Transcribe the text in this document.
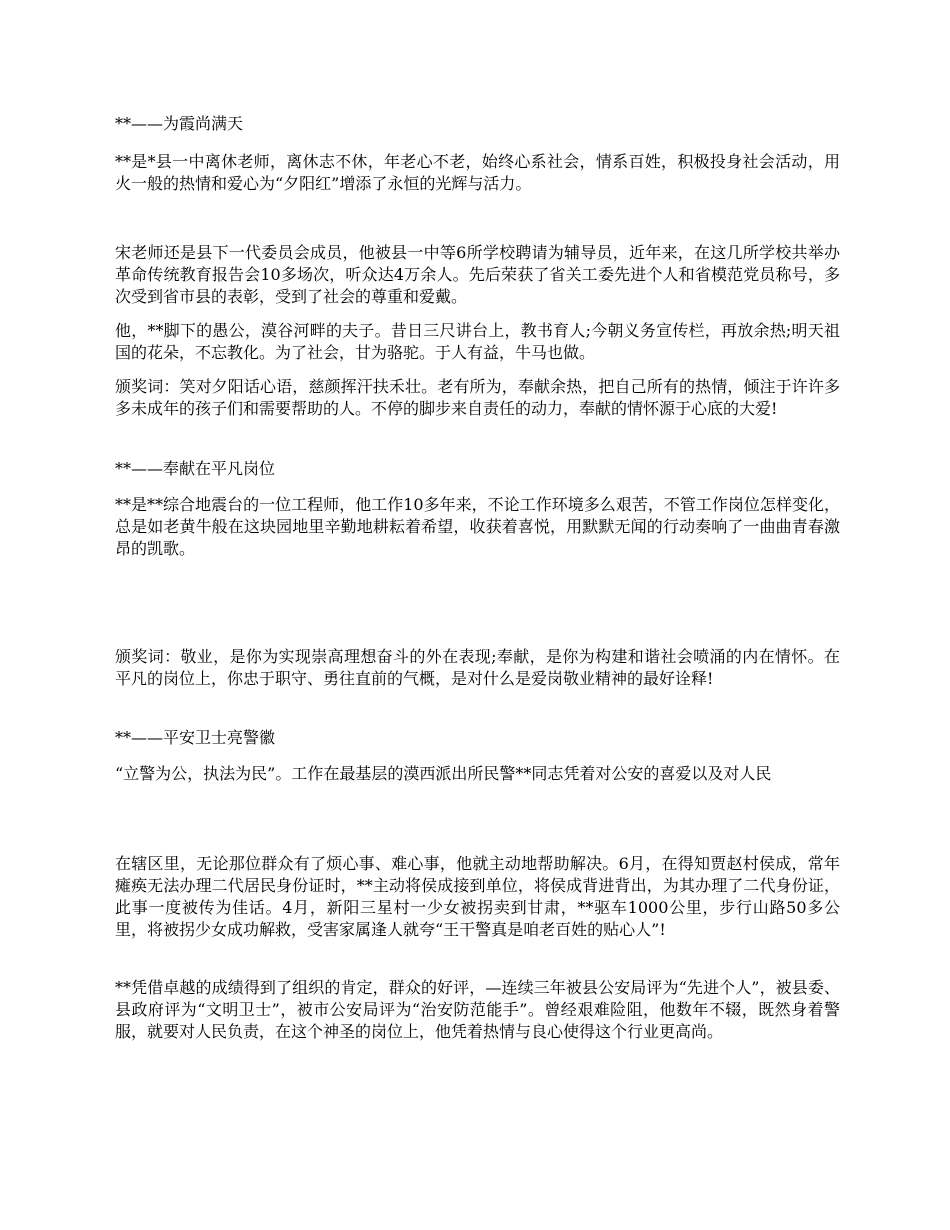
**——为霞尚满天

**是*县一中离休老师，离休志不休，年老心不老，始终心系社会，情系百姓，积极投身社会活动，用火一般的热情和爱心为“夕阳红”增添了永恒的光辉与活力。

宋老师还是县下一代委员会成员，他被县一中等6所学校聘请为辅导员，近年来，在这几所学校共举办革命传统教育报告会10多场次，听众达4万余人。先后荣获了省关工委先进个人和省模范党员称号，多次受到省市县的表彰，受到了社会的尊重和爱戴。

他，**脚下的愚公，漠谷河畔的夫子。昔日三尺讲台上，教书育人;今朝义务宣传栏，再放余热;明天祖国的花朵，不忘教化。为了社会，甘为骆驼。于人有益，牛马也做。

颁奖词：笑对夕阳话心语，慈颜挥汗扶禾壮。老有所为，奉献余热，把自己所有的热情，倾注于许许多多未成年的孩子们和需要帮助的人。不停的脚步来自责任的动力，奉献的情怀源于心底的大爱!

**——奉献在平凡岗位

**是**综合地震台的一位工程师，他工作10多年来，不论工作环境多么艰苦，不管工作岗位怎样变化，总是如老黄牛般在这块园地里辛勤地耕耘着希望，收获着喜悦，用默默无闻的行动奏响了一曲曲青春激昂的凯歌。

颁奖词：敬业，是你为实现崇高理想奋斗的外在表现;奉献，是你为构建和谐社会喷涌的内在情怀。在平凡的岗位上，你忠于职守、勇往直前的气概，是对什么是爱岗敬业精神的最好诠释!

**——平安卫士亮警徽

“立警为公，执法为民”。工作在最基层的漠西派出所民警**同志凭着对公安的喜爱以及对人民

在辖区里，无论那位群众有了烦心事、难心事，他就主动地帮助解决。6月，在得知贾赵村侯成，常年瘫痪无法办理二代居民身份证时，**主动将侯成接到单位，将侯成背进背出，为其办理了二代身份证，此事一度被传为佳话。4月，新阳三星村一少女被拐卖到甘肃，**驱车1000公里，步行山路50多公里，将被拐少女成功解救，受害家属逢人就夸“王干警真是咱老百姓的贴心人”!

**凭借卓越的成绩得到了组织的肯定，群众的好评，—连续三年被县公安局评为“先进个人”，被县委、县政府评为“文明卫士”，被市公安局评为“治安防范能手”。曾经艰难险阻，他数年不辍，既然身着警服，就要对人民负责，在这个神圣的岗位上，他凭着热情与良心使得这个行业更高尚。
